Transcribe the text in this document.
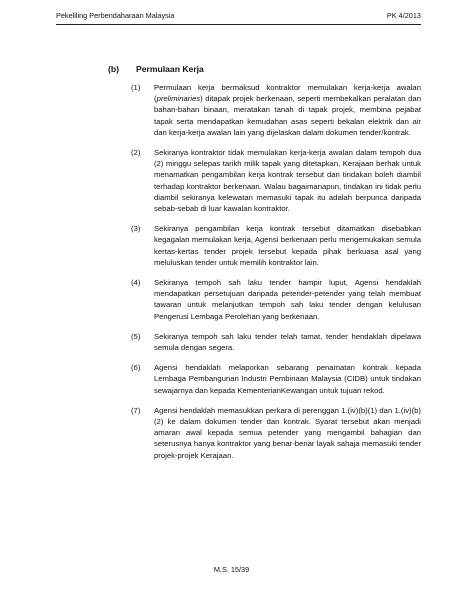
Pekeliling Perbendaharaan Malaysia	PK 4/2013
(b) Permulaan Kerja
(1) Permulaan kerja bermaksud kontraktor memulakan kerja-kerja awalan (preliminaries) ditapak projek berkenaan, seperti membekalkan peralatan dan bahan-bahan binaan, meratakan tanah di tapak projek, membina pejabat tapak serta mendapatkan kemudahan asas seperti bekalan elektrik dan air dan kerja-kerja awalan lain yang dijelaskan dalam dokumen tender/kontrak.
(2) Sekiranya kontraktor tidak memulakan kerja-kerja awalan dalam tempoh dua (2) minggu selepas tarikh milik tapak yang ditetapkan, Kerajaan berhak untuk menamatkan pengambilan kerja kontrak tersebut dan tindakan boleh diambil terhadap kontraktor berkenaan. Walau bagaimanapun, tindakan ini tidak perlu diambil sekiranya kelewatan memasuki tapak itu adalah berpunca daripada sebab-sebab di luar kawalan kontraktor.
(3) Sekiranya pengambilan kerja kontrak tersebut ditamatkan disebabkan kegagalan memulakan kerja, Agensi berkenaan perlu mengemukakan semula kertas-kertas tender projek tersebut kepada pihak berkuasa asal yang meluluskan tender untuk memilih kontraktor lain.
(4) Sekiranya tempoh sah laku tender hampir luput, Agensi hendaklah mendapatkan persetujuan daripada petender-petender yang telah membuat tawaran untuk melanjutkan tempoh sah laku tender dengan kelulusan Pengerusi Lembaga Perolehan yang berkenaan.
(5) Sekiranya tempoh sah laku tender telah tamat, tender hendaklah dipelawa semula dengan segera.
(6) Agensi hendaklah melaporkan sebarang penamatan kontrak kepada Lembaga Pembangunan Industri Pembinaan Malaysia (CIDB) untuk tindakan sewajarnya dan kepada KementerianKewangan untuk tujuan rekod.
(7) Agensi hendaklah memasukkan perkara di perenggan 1.(iv)(b)(1) dan 1.(iv)(b)(2) ke dalam dokumen tender dan kontrak. Syarat tersebut akan menjadi amaran awal kepada semua petender yang mengambil bahagian dan seterusnya hanya kontraktor yang benar-benar layak sahaja memasuki tender projek-projek Kerajaan.
M.S. 15/39
